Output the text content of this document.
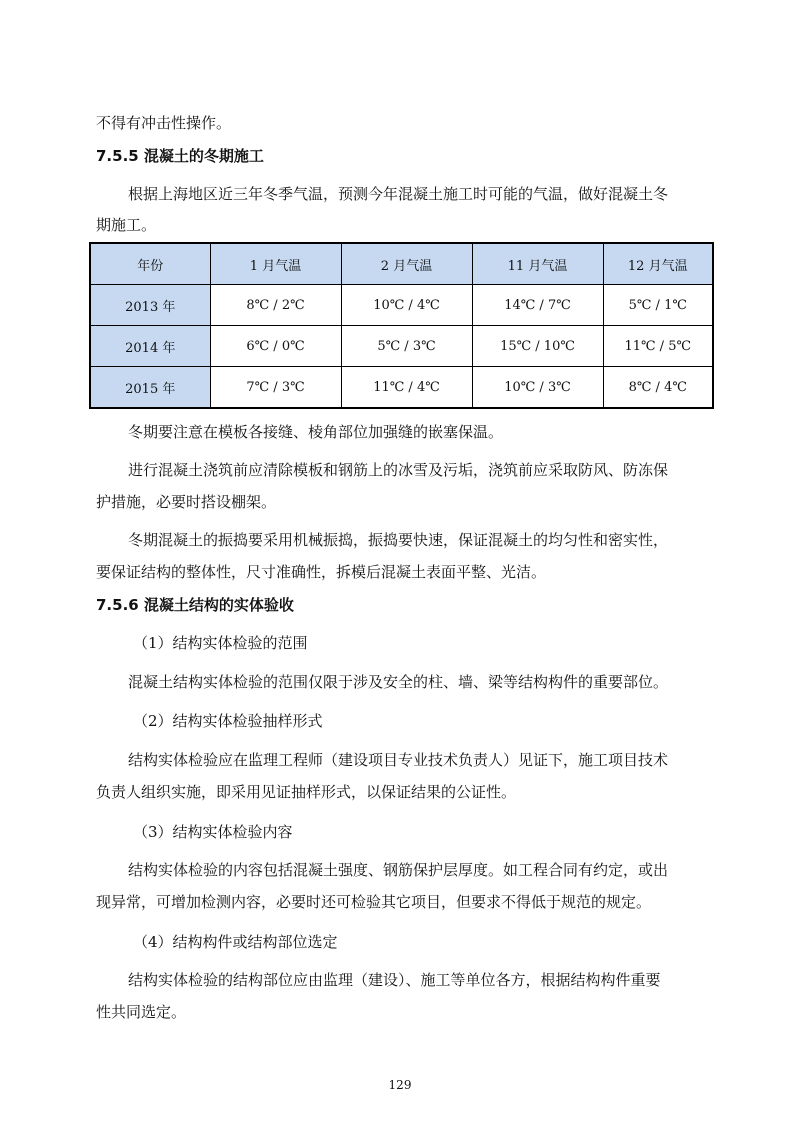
不得有冲击性操作。
7.5.5 混凝土的冬期施工
根据上海地区近三年冬季气温，预测今年混凝土施工时可能的气温，做好混凝土冬
期施工。
年份	1 月气温	2 月气温	11 月气温	12 月气温
2013 年	8℃ / 2℃	10℃ / 4℃	14℃ / 7℃	5℃ / 1℃
2014 年	6℃ / 0℃	5℃ / 3℃	15℃ / 10℃	11℃ / 5℃
2015 年	7℃ / 3℃	11℃ / 4℃	10℃ / 3℃	8℃ / 4℃
冬期要注意在模板各接缝、棱角部位加强缝的嵌塞保温。
进行混凝土浇筑前应清除模板和钢筋上的冰雪及污垢，浇筑前应采取防风、防冻保
护措施，必要时搭设棚架。
冬期混凝土的振捣要采用机械振捣，振捣要快速，保证混凝土的均匀性和密实性，
要保证结构的整体性，尺寸准确性，拆模后混凝土表面平整、光洁。
7.5.6 混凝土结构的实体验收
（1）结构实体检验的范围
混凝土结构实体检验的范围仅限于涉及安全的柱、墙、梁等结构构件的重要部位。
（2）结构实体检验抽样形式
结构实体检验应在监理工程师（建设项目专业技术负责人）见证下，施工项目技术
负责人组织实施，即采用见证抽样形式，以保证结果的公证性。
（3）结构实体检验内容
结构实体检验的内容包括混凝土强度、钢筋保护层厚度。如工程合同有约定，或出
现异常，可增加检测内容，必要时还可检验其它项目，但要求不得低于规范的规定。
（4）结构构件或结构部位选定
结构实体检验的结构部位应由监理（建设）、施工等单位各方，根据结构构件重要
性共同选定。
129
